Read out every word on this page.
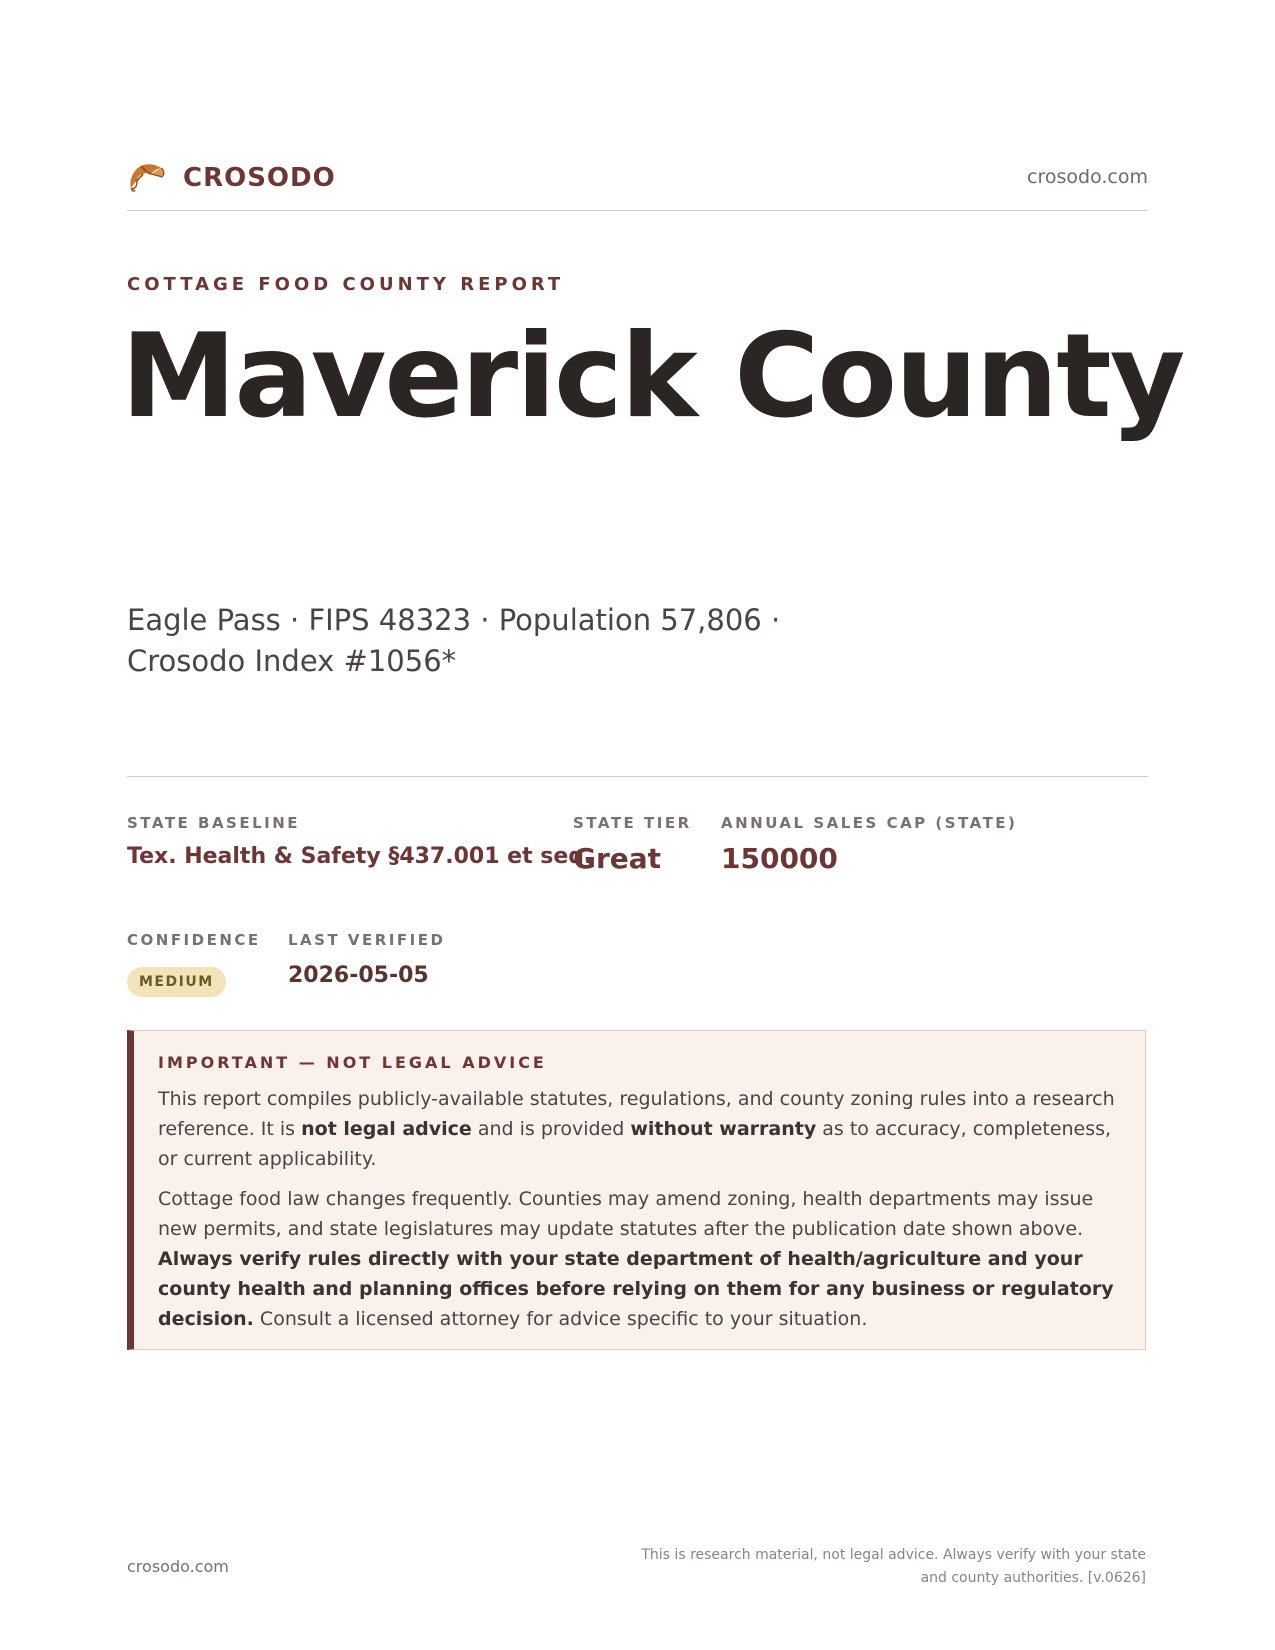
CROSODO	crosodo.com
COTTAGE FOOD COUNTY REPORT
Maverick County
Eagle Pass · FIPS 48323 · Population 57,806 · Crosodo Index #1056*
STATE BASELINE
Tex. Health & Safety §437.001 et seq.
STATE TIER
Great
ANNUAL SALES CAP (STATE)
150000
CONFIDENCE
MEDIUM
LAST VERIFIED
2026-05-05
IMPORTANT — NOT LEGAL ADVICE

This report compiles publicly-available statutes, regulations, and county zoning rules into a research reference. It is not legal advice and is provided without warranty as to accuracy, completeness, or current applicability.

Cottage food law changes frequently. Counties may amend zoning, health departments may issue new permits, and state legislatures may update statutes after the publication date shown above. Always verify rules directly with your state department of health/agriculture and your county health and planning offices before relying on them for any business or regulatory decision. Consult a licensed attorney for advice specific to your situation.

crosodo.com
This is research material, not legal advice. Always verify with your state and county authorities. [v.0626]
